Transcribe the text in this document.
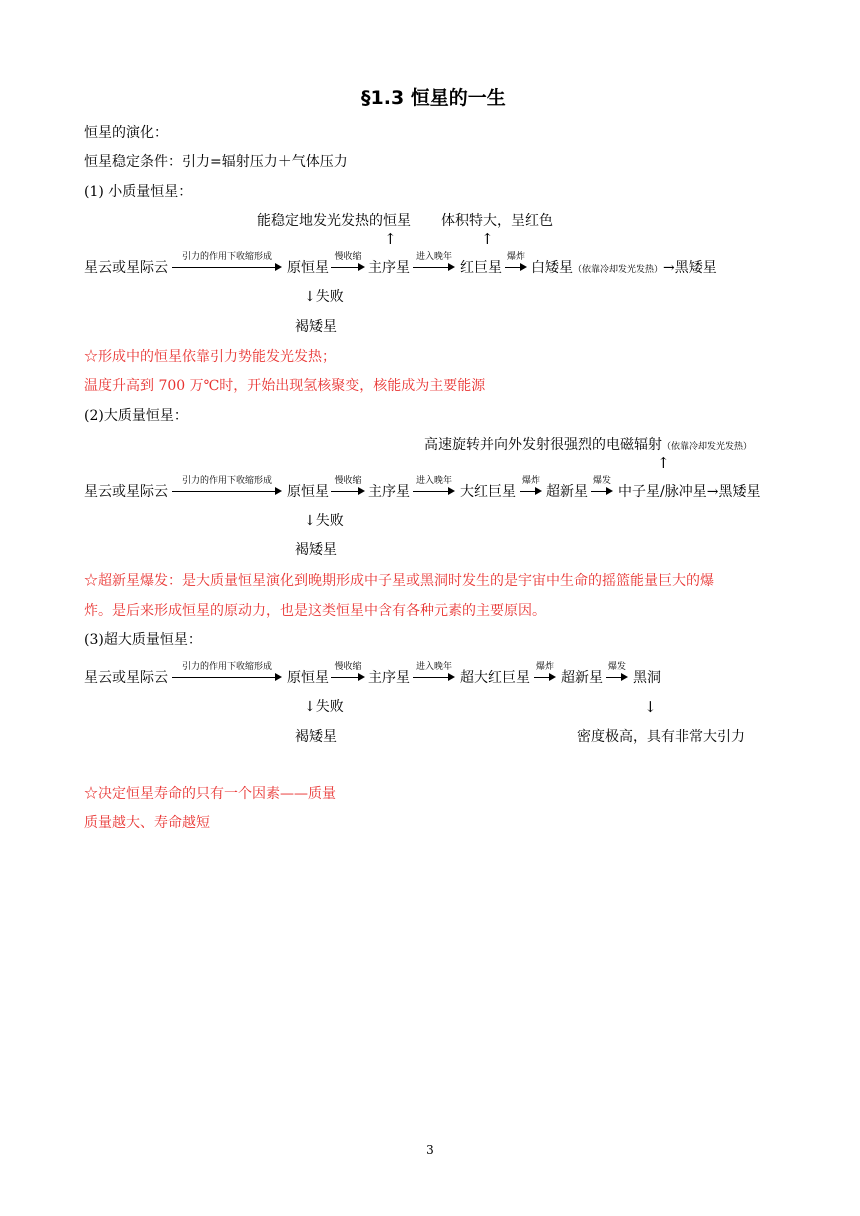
§1.3 恒星的一生
恒星的演化：
恒星稳定条件：引力=辐射压力＋气体压力
(1) 小质量恒星：
能稳定地发光发热的恒星 体积特大，呈红色
↑	↑
星云或星际云
引力的作用下收缩形成
原恒星
慢收缩
主序星
进入晚年
红巨星
爆炸
白矮星（依靠冷却发光发热）→黑矮星
↓失败
褐矮星
☆形成中的恒星依靠引力势能发光发热；
温度升高到 700 万℃时，开始出现氢核聚变，核能成为主要能源
(2)大质量恒星：
高速旋转并向外发射很强烈的电磁辐射（依靠冷却发光发热）
↑
星云或星际云
引力的作用下收缩形成
原恒星
慢收缩
主序星
进入晚年
大红巨星
爆炸
超新星
爆发
中子星/脉冲星→黑矮星
↓失败
褐矮星
☆超新星爆发：是大质量恒星演化到晚期形成中子星或黑洞时发生的是宇宙中生命的摇篮能量巨大的爆
炸。是后来形成恒星的原动力，也是这类恒星中含有各种元素的主要原因。
(3)超大质量恒星：
星云或星际云
引力的作用下收缩形成
原恒星
慢收缩
主序星
进入晚年
超大红巨星
爆炸
超新星
爆发
黑洞
↓失败	↓
褐矮星	密度极高，具有非常大引力
☆决定恒星寿命的只有一个因素——质量
质量越大、寿命越短
3
